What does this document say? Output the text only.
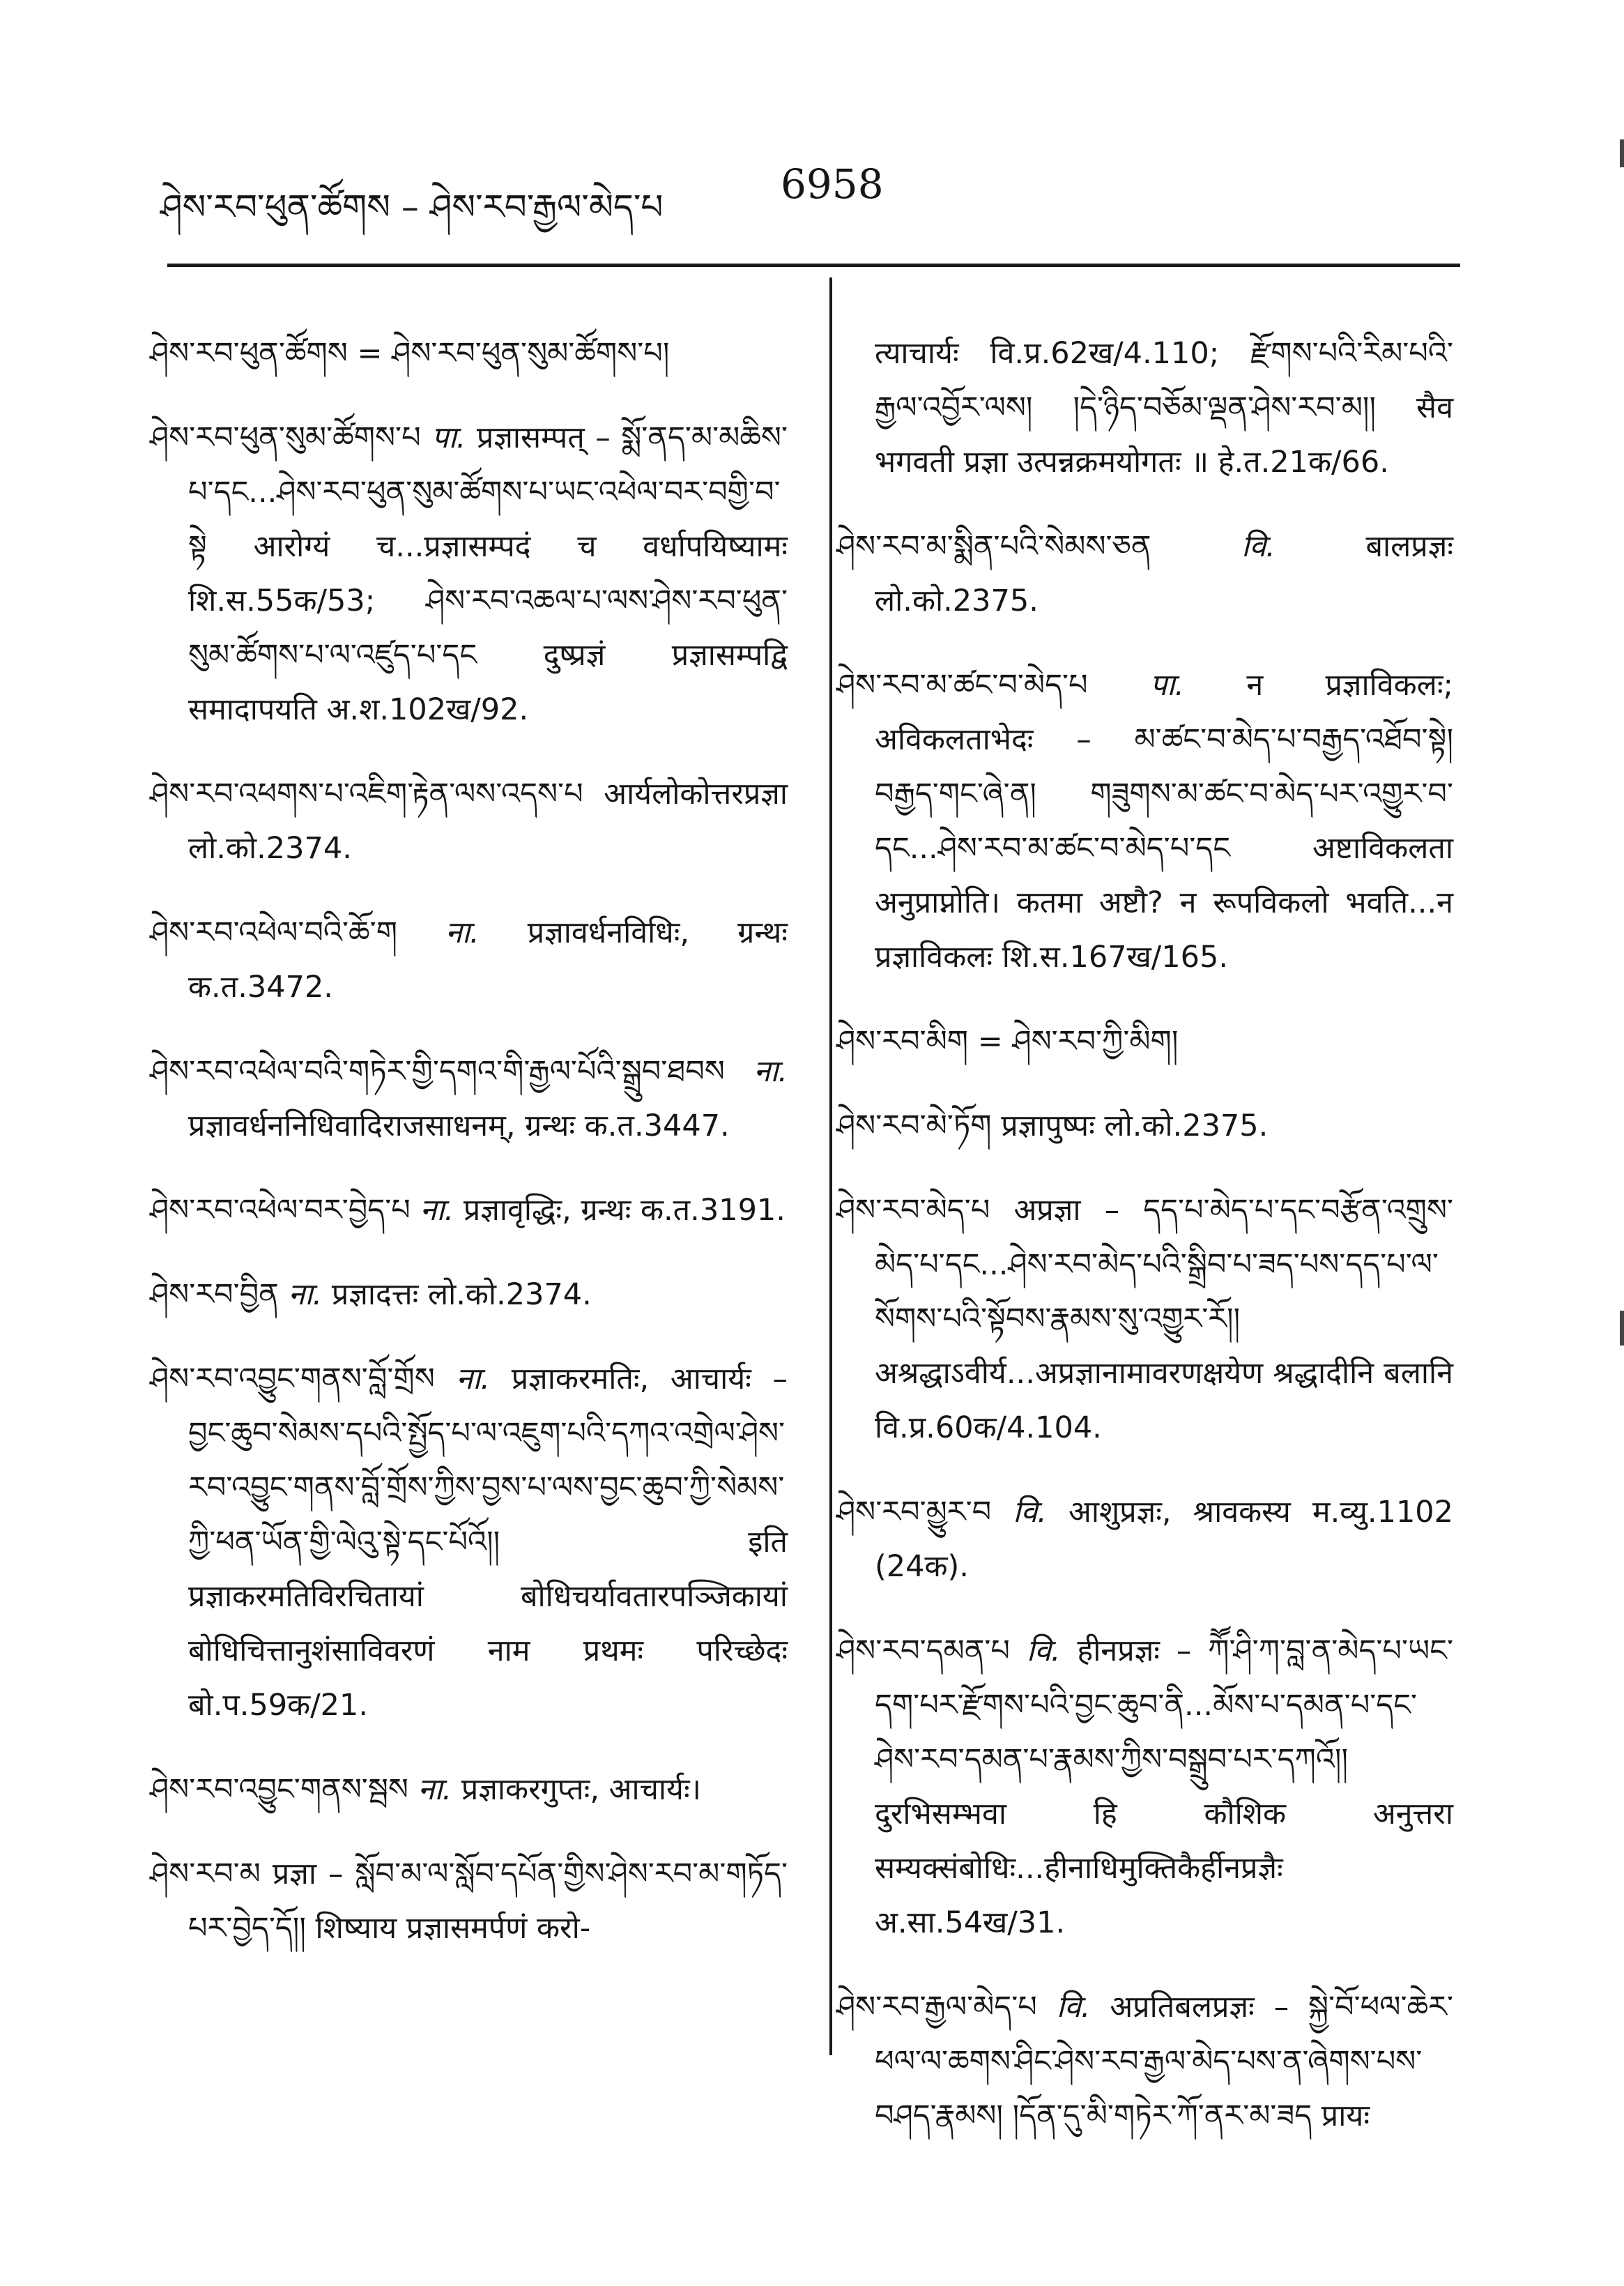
ཤེས་རབ་ཕུན་ཚོགས – ཤེས་རབ་རྒྱལ་མེད་པ	6958

ཤེས་རབ་ཕུན་ཚོགས = ཤེས་རབ་ཕུན་སུམ་ཚོགས་པ།

ཤེས་རབ་ཕུན་སུམ་ཚོགས་པ पा. प्रज्ञासम्पत् – སྨོ་ནད་མ་མཆིས་པ་དང...ཤེས་རབ་ཕུན་སུམ་ཚོགས་པ་ཡང་འཕེལ་བར་བགྱི་བ་སྟེ आरोग्यं च...प्रज्ञासम्पदं च वर्धापयिष्यामः शि.स.55क/53; ཤེས་རབ་འཆལ་པ་ལས་ཤེས་རབ་ཕུན་སུམ་ཚོགས་པ་ལ་འཛུད་པ་དང दुष्प्रज्ञं प्रज्ञासम्पद्वि समादापयति अ.श.102ख/92.

ཤེས་རབ་འཕགས་པ་འཇིག་རྟེན་ལས་འདས་པ आर्यलोकोत्तरप्रज्ञा लो.को.2374.

ཤེས་རབ་འཕེལ་བའི་ཆོ་ག ना. प्रज्ञावर्धनविधिः, ग्रन्थः क.त.3472.

ཤེས་རབ་འཕེལ་བའི་གཏེར་གྱི་དགའ་གི་རྒྱལ་པོའི་སྒྲུབ་ཐབས ना. प्रज्ञावर्धननिधिवादिराजसाधनम्, ग्रन्थः क.त.3447.

ཤེས་རབ་འཕེལ་བར་བྱེད་པ ना. प्रज्ञावृद्धिः, ग्रन्थः क.त.3191.

ཤེས་རབ་བྱིན ना. प्रज्ञादत्तः लो.को.2374.

ཤེས་རབ་འབྱུང་གནས་བློ་གྲོས ना. प्रज्ञाकरमतिः, आचार्यः – བྱང་ཆུབ་སེམས་དཔའི་སྤྱོད་པ་ལ་འཇུག་པའི་དཀའ་འགྲེལ་ཤེས་རབ་འབྱུང་གནས་བློ་གྲོས་ཀྱིས་བྱས་པ་ལས་བྱང་ཆུབ་ཀྱི་སེམས་ཀྱི་ཕན་ཡོན་གྱི་ལེའུ་སྟེ་དང་པོའོ།། इति प्रज्ञाकरमतिविरचितायां बोधिचर्यावतारपञ्जिकायां बोधिचित्तानुशंसाविवरणं नाम प्रथमः परिच्छेदः बो.प.59क/21.

ཤེས་རབ་འབྱུང་གནས་སྦས ना. प्रज्ञाकरगुप्तः, आचार्यः।

ཤེས་རབ་མ प्रज्ञा – སློབ་མ་ལ་སློབ་དཔོན་གྱིས་ཤེས་རབ་མ་གཏོད་པར་བྱེད་དོ།། शिष्याय प्रज्ञासमर्पणं करो-

त्याचार्यः वि.प्र.62ख/4.110; རྫོགས་པའི་རིམ་པའི་རྒྱལ་འབྱོར་ལས། །དེ་ཉིད་བཅོམ་ལྡན་ཤེས་རབ་མ།། सैव भगवती प्रज्ञा उत्पन्नक्रमयोगतः ॥ हे.त.21क/66.

ཤེས་རབ་མ་སྨིན་པའི་སེམས་ཅན	वि.	बालप्रज्ञः लो.को.2375.

ཤེས་རབ་མ་ཚང་བ་མེད་པ पा. न प्रज्ञाविकलः; अविकलताभेदः – མ་ཚང་བ་མེད་པ་བརྒྱད་འཐོབ་སྟེ། བརྒྱད་གང་ཞེ་ན། གཟུགས་མ་ཚང་བ་མེད་པར་འགྱུར་བ་དང...ཤེས་རབ་མ་ཚང་བ་མེད་པ་དང अष्टाविकलता अनुप्राप्नोति। कतमा अष्टौ? न रूपविकलो भवति...न प्रज्ञाविकलः शि.स.167ख/165.

ཤེས་རབ་མིག = ཤེས་རབ་ཀྱི་མིག།

ཤེས་རབ་མེ་ཏོག प्रज्ञापुष्पः लो.को.2375.

ཤེས་རབ་མེད་པ अप्रज्ञा – དད་པ་མེད་པ་དང་བརྩོན་འགྲུས་མེད་པ་དང...ཤེས་རབ་མེད་པའི་སྒྲིབ་པ་ཟད་པས་དད་པ་ལ་སོགས་པའི་སྟོབས་རྣམས་སུ་འགྱུར་རོ།། अश्रद्धाऽवीर्य...अप्रज्ञानामावरणक्षयेण श्रद्धादीनि बलानि वि.प्र.60क/4.104.

ཤེས་རབ་མྱུར་བ वि. आशुप्रज्ञः, श्रावकस्य म.व्यु.1102 (24क).

ཤེས་རབ་དམན་པ वि. हीनप्रज्ञः – ཀཽ་ཤི་ཀ་བླ་ན་མེད་པ་ཡང་དག་པར་རྫོགས་པའི་བྱང་ཆུབ་ནི...མོས་པ་དམན་པ་དང་ཤེས་རབ་དམན་པ་རྣམས་ཀྱིས་བསྒྲུབ་པར་དཀའོ།། दुरभिसम्भवा हि कौशिक अनुत्तरा सम्यक्संबोधिः...हीनाधिमुक्तिकैर्हीनप्रज्ञैः अ.सा.54ख/31.

ཤེས་རབ་རྒྱལ་མེད་པ वि. अप्रतिबलप्रज्ञः – སྐྱེ་བོ་ཕལ་ཆེར་ཕལ་ལ་ཆགས་ཤིང་ཤེས་རབ་རྒྱལ་མེད་པས་ན་ཞེགས་པས་བཤད་རྣམས། །དོན་དུ་མི་གཏེར་ཀོ་ནར་མ་ཟད प्रायः
